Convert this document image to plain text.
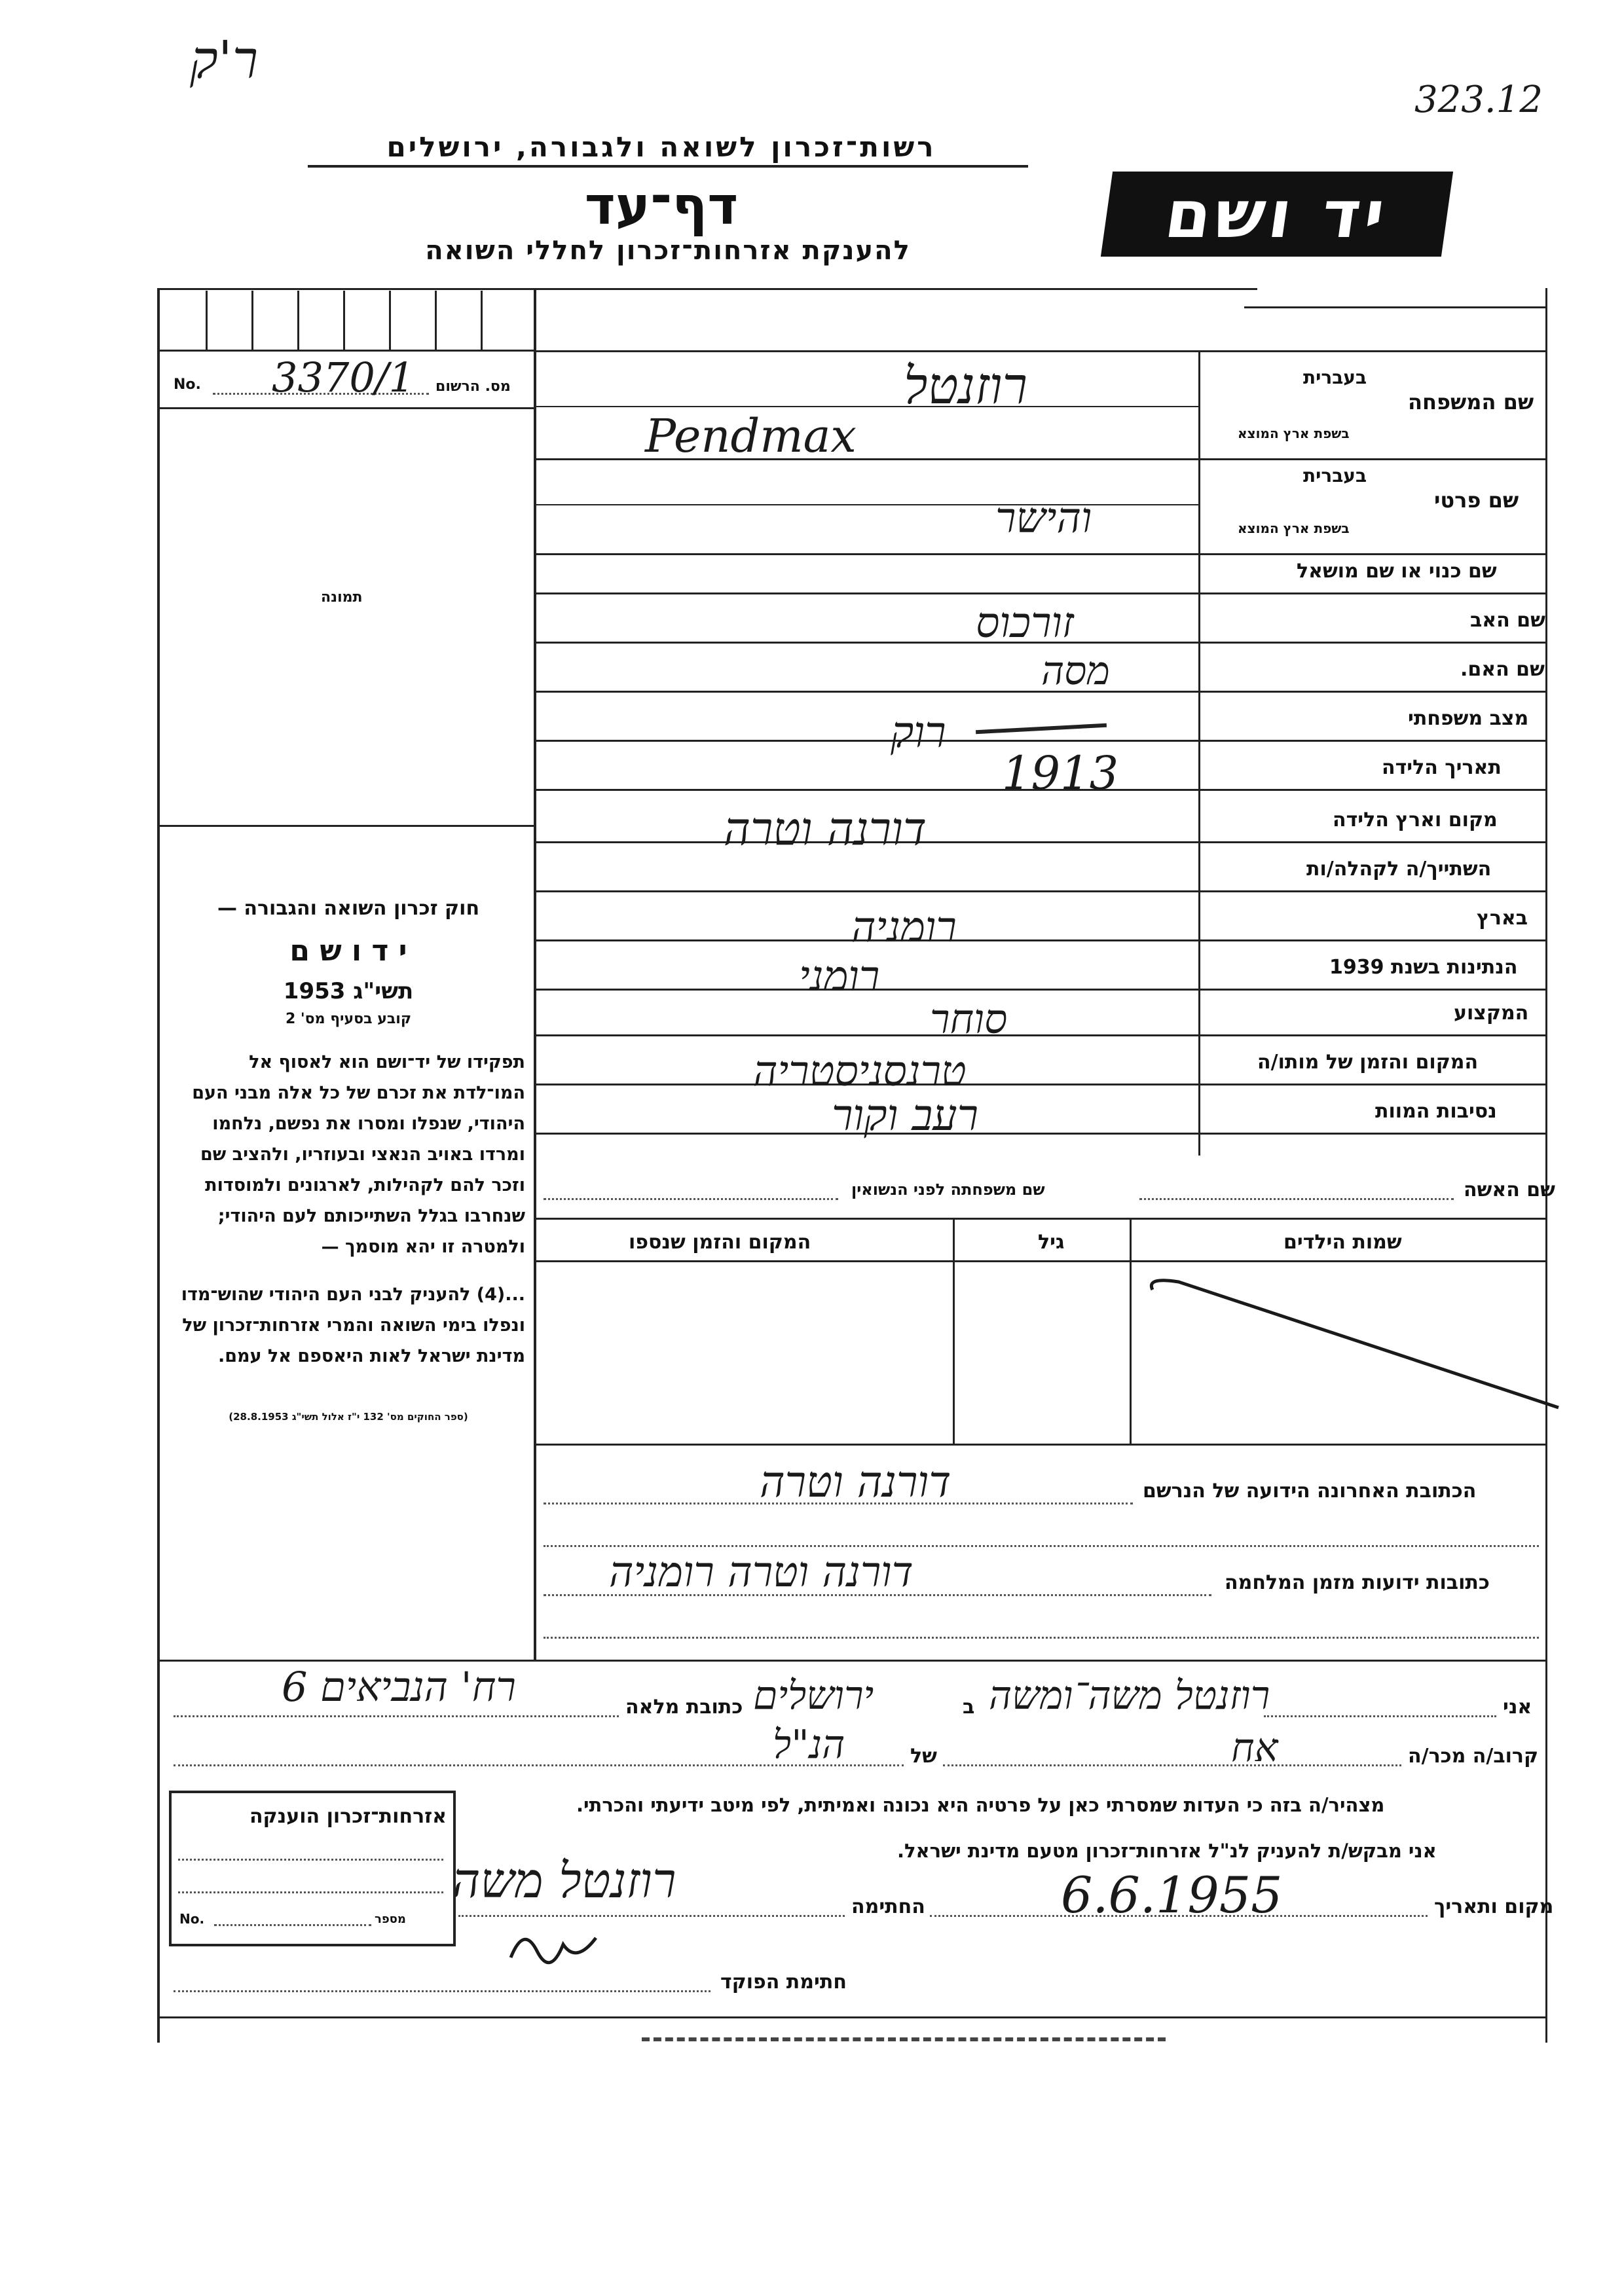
ר'ק
323.12
רשות־זכרון לשואה ולגבורה, ירושלים
דף־עד
להענקת אזרחות־זכרון לחללי השואה	יד ושם
No. 3370/1 מס. הרשום
תמונה
חוק זכרון השואה והגבורה —
י ד ו ש ם
תשי"ג 1953
קובע בסעיף מס' 2

תפקידו של יד־ושם הוא לאסוף אל המו־לדת את זכרם של כל אלה מבני העם היהודי, שנפלו ומסרו את נפשם, נלחמו ומרדו באויב הנאצי ובעוזריו, ולהציב שם וזכר להם לקהילות, לארגונים ולמוסדות שנחרבו בגלל השתייכותם לעם היהודי; ולמטרה זו יהא מוסמך —

...(4) להעניק לבני העם היהודי שהוש־מדו ונפלו בימי השואה והמרי אזרחות־זכרון של מדינת ישראל לאות היאספם אל עמם.

(ספר החוקים מס' 132 י"ז אלול תשי"ג 28.8.1953)
שם המשפחה
בעברית
בשפת ארץ המוצא
שם פרטי
בעברית
בשפת ארץ המוצא
שם כנוי או שם מושאל
שם האב
שם האם.
מצב משפחתי
תאריך הלידה
מקום וארץ הלידה
השתייך/ה לקהלה/ות
בארץ
הנתינות בשנת 1939
המקצוע
המקום והזמן של מותו/ה
נסיבות המוות
רוזנטל
Pendmax
והישר
זורכוס
מסה
רוק
1913
דורנה וטרה
רומניה
רומני
סוחר
טרנסניסטריה
רעב וקור
שם האשה
שם משפחתה לפני הנשואין
שמות הילדים
גיל
המקום והזמן שנספו
הכתובת האחרונה הידועה של הנרשם
דורנה וטרה
כתובות ידועות מזמן המלחמה
דורנה וטרה רומניה
אני
רוזנטל משה־ומשה
ב
ירושלים
כתובת מלאה
רח' הנביאים 6
קרוב/ה מכר/ה
אח
של
הנ"ל
מצהיר/ה בזה כי העדות שמסרתי כאן על פרטיה היא נכונה ואמיתית, לפי מיטב ידיעתי והכרתי.
אני מבקש/ת להעניק לנ"ל אזרחות־זכרון מטעם מדינת ישראל.
מקום ותאריך
6.6.1955
החתימה
רוזנטל משה
חתימת הפוקד
אזרחות־זכרון הוענקה
No.	מספר
